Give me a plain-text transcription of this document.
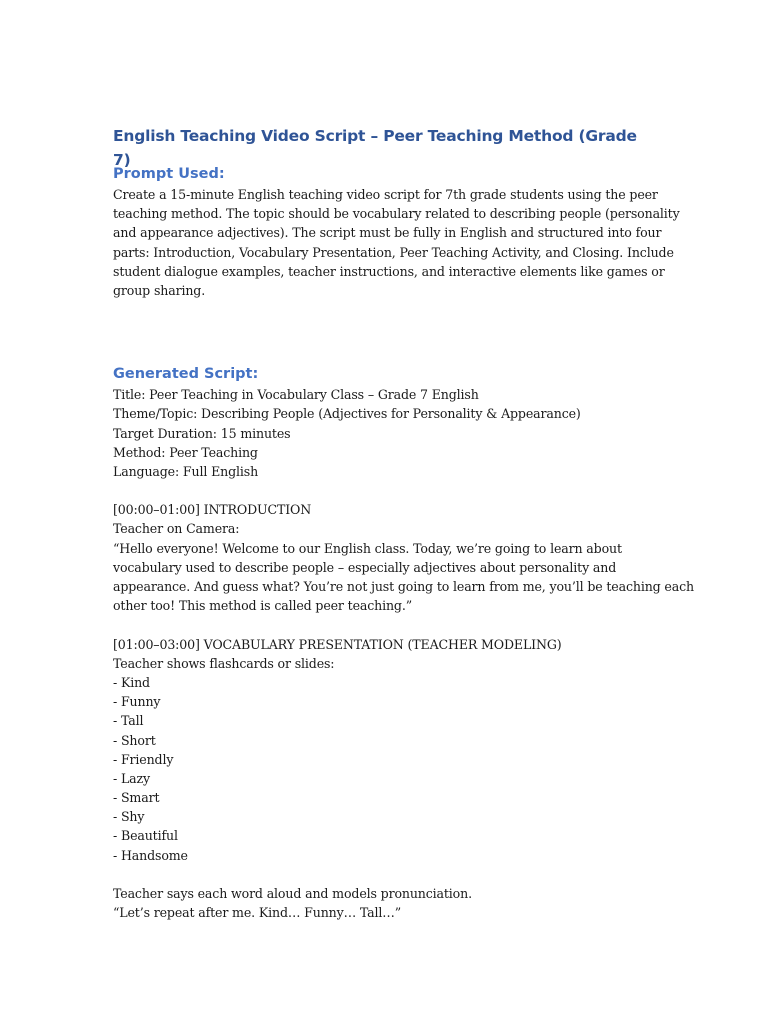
English Teaching Video Script – Peer Teaching Method (Grade 7)
Prompt Used:
Create a 15-minute English teaching video script for 7th grade students using the peer
teaching method. The topic should be vocabulary related to describing people (personality
and appearance adjectives). The script must be fully in English and structured into four
parts: Introduction, Vocabulary Presentation, Peer Teaching Activity, and Closing. Include
student dialogue examples, teacher instructions, and interactive elements like games or
group sharing.
Generated Script:
Title: Peer Teaching in Vocabulary Class – Grade 7 English
Theme/Topic: Describing People (Adjectives for Personality & Appearance)
Target Duration: 15 minutes
Method: Peer Teaching
Language: Full English
[00:00–01:00] INTRODUCTION
Teacher on Camera:
“Hello everyone! Welcome to our English class. Today, we’re going to learn about
vocabulary used to describe people – especially adjectives about personality and
appearance. And guess what? You’re not just going to learn from me, you’ll be teaching each
other too! This method is called peer teaching.”
[01:00–03:00] VOCABULARY PRESENTATION (TEACHER MODELING)
Teacher shows flashcards or slides:
- Kind
- Funny
- Tall
- Short
- Friendly
- Lazy
- Smart
- Shy
- Beautiful
- Handsome
Teacher says each word aloud and models pronunciation.
“Let’s repeat after me. Kind… Funny… Tall…”
